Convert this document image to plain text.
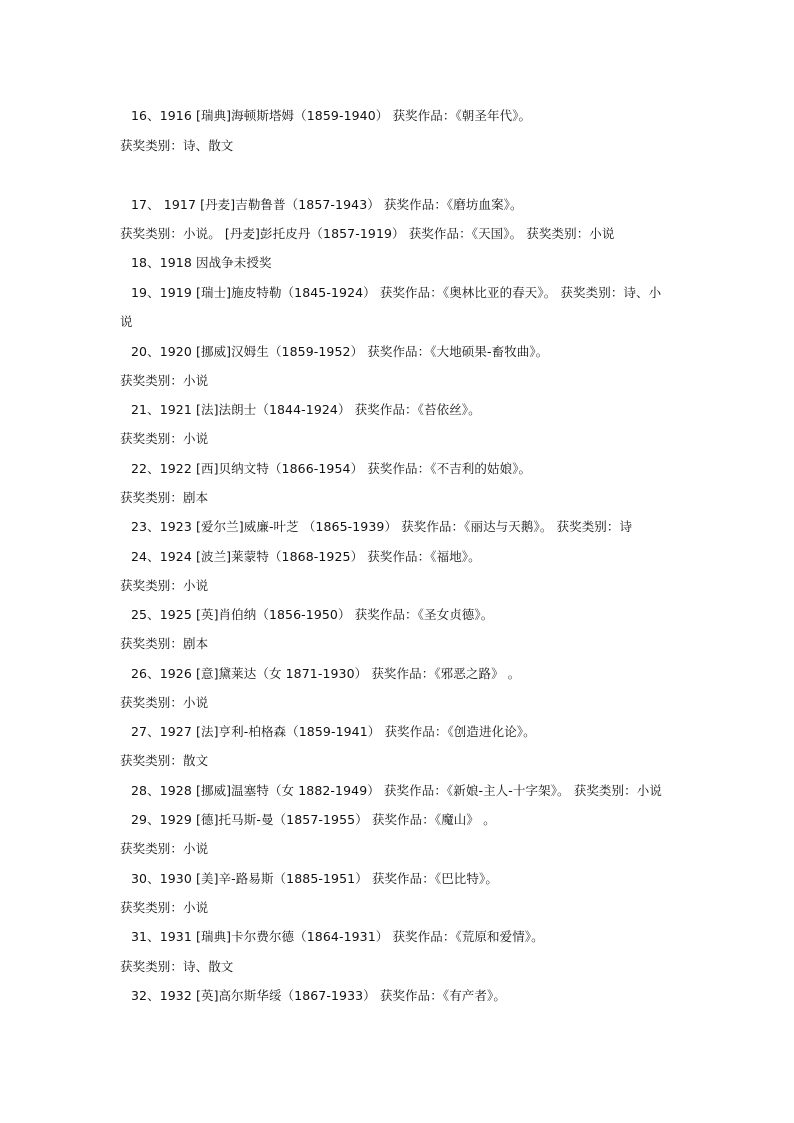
16、1916 [瑞典]海顿斯塔姆（1859-1940） 获奖作品：《朝圣年代》。
获奖类别：诗、散文
17、 1917 [丹麦]吉勒鲁普（1857-1943） 获奖作品：《磨坊血案》。
获奖类别：小说。 [丹麦]彭托皮丹（1857-1919） 获奖作品：《天国》。 获奖类别：小说
18、1918 因战争未授奖
19、1919 [瑞士]施皮特勒（1845-1924） 获奖作品：《奥林比亚的春天》。 获奖类别：诗、小
说
20、1920 [挪威]汉姆生（1859-1952） 获奖作品：《大地硕果-畜牧曲》。
获奖类别：小说
21、1921 [法]法朗士（1844-1924） 获奖作品：《苔依丝》。
获奖类别：小说
22、1922 [西]贝纳文特（1866-1954） 获奖作品：《不吉利的姑娘》。
获奖类别：剧本
23、1923 [爱尔兰]威廉-叶芝 （1865-1939） 获奖作品：《丽达与天鹅》。 获奖类别：诗
24、1924 [波兰]莱蒙特（1868-1925） 获奖作品：《福地》。
获奖类别：小说
25、1925 [英]肖伯纳（1856-1950） 获奖作品：《圣女贞德》。
获奖类别：剧本
26、1926 [意]黛莱达（女 1871-1930） 获奖作品：《邪恶之路》 。
获奖类别：小说
27、1927 [法]亨利-柏格森（1859-1941） 获奖作品：《创造进化论》。
获奖类别：散文
28、1928 [挪威]温塞特（女 1882-1949） 获奖作品：《新娘-主人-十字架》。 获奖类别：小说
29、1929 [德]托马斯-曼（1857-1955） 获奖作品：《魔山》 。
获奖类别：小说
30、1930 [美]辛-路易斯（1885-1951） 获奖作品：《巴比特》。
获奖类别：小说
31、1931 [瑞典]卡尔费尔德（1864-1931） 获奖作品：《荒原和爱情》。
获奖类别：诗、散文
32、1932 [英]高尔斯华绥（1867-1933） 获奖作品：《有产者》。
